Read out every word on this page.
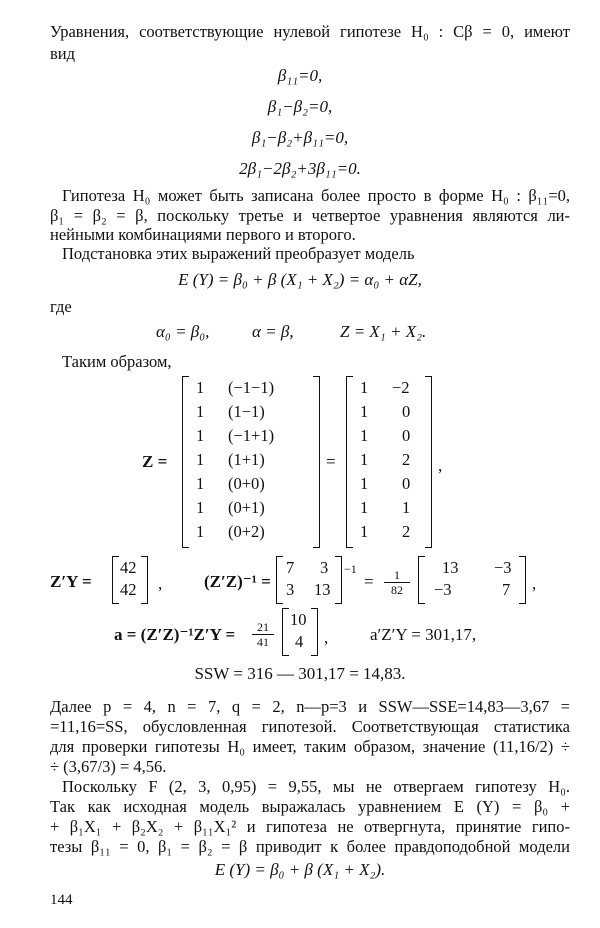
Уравнения, соответствующие нулевой гипотезе H₀ : Cβ = 0, имеют
вид
β₁₁=0,
β₁−β₂=0,
β₁−β₂+β₁₁=0,
2β₁−2β₂+3β₁₁=0.
Гипотеза H₀ может быть записана более просто в форме H₀ : β₁₁=0,
β₁ = β₂ = β, поскольку третье и четвертое уравнения являются ли-
нейными комбинациями первого и второго.
Подстановка этих выражений преобразует модель
E (Y) = β₀ + β (X₁ + X₂) = α₀ + αZ,
где
α₀ = β₀,	α = β,	Z = X₁ + X₂.
Таким образом,
Z =
1 (−1−1)
1 (1−1)
1 (−1+1)
1 (1+1)
1 (0+0)
1 (0+1)
1 (0+2)
=
1 −2
1 0
1 0
1 2
1 0
1 1
1 2
,
Z′Y =
42
42 , (Z′Z)⁻¹ =
7 3
3 13
−1
= $\frac{1}{82}$
13 −3
−3	7 ,
$a = (Z'Z)^{-1}Z'Y = \frac{21}{41}$
10
4 , a′Z′Y = 301,17,
SSW = 316 — 301,17 = 14,83.
Далее p = 4, n = 7, q = 2, n—p=3 и SSW—SSE=14,83—3,67 =
=11,16=SS, обусловленная гипотезой. Соответствующая статистика
для проверки гипотезы H₀ имеет, таким образом, значение (11,16/2) ÷
÷ (3,67/3) = 4,56.
Поскольку F (2, 3, 0,95) = 9,55, мы не отвергаем гипотезу H₀.
Так как исходная модель выражалась уравнением E (Y) = β₀ +
+ β₁X₁ + β₂X₂ + β₁₁X₁² и гипотеза не отвергнута, принятие гипо-
тезы β₁₁ = 0, β₁ = β₂ = β приводит к более правдоподобной модели
E (Y) = β₀ + β (X₁ + X₂).
144
